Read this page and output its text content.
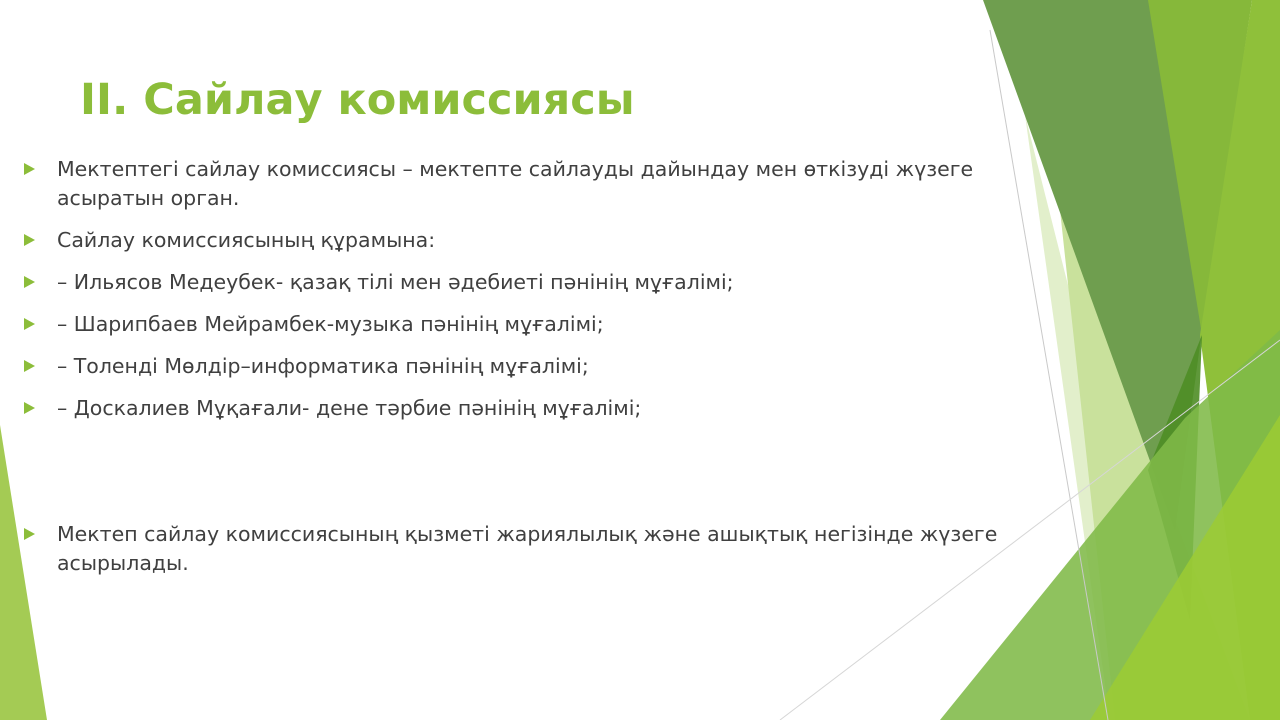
II. Сайлау комиссиясы
Мектептегі сайлау комиссиясы – мектепте сайлауды дайындау мен өткізуді жүзеге асыратын орган.
Сайлау комиссиясының құрамына:
– Ильясов Медеубек- қазақ тілі мен әдебиеті пәнінің мұғалімі;
– Шарипбаев Мейрамбек-музыка пәнінің мұғалімі;
– Толенді Мөлдір–информатика пәнінің мұғалімі;
– Доскалиев Мұқағали- дене тәрбие пәнінің мұғалімі;
Мектеп сайлау комиссиясының қызметі жариялылық және ашықтық негізінде жүзеге асырылады.
